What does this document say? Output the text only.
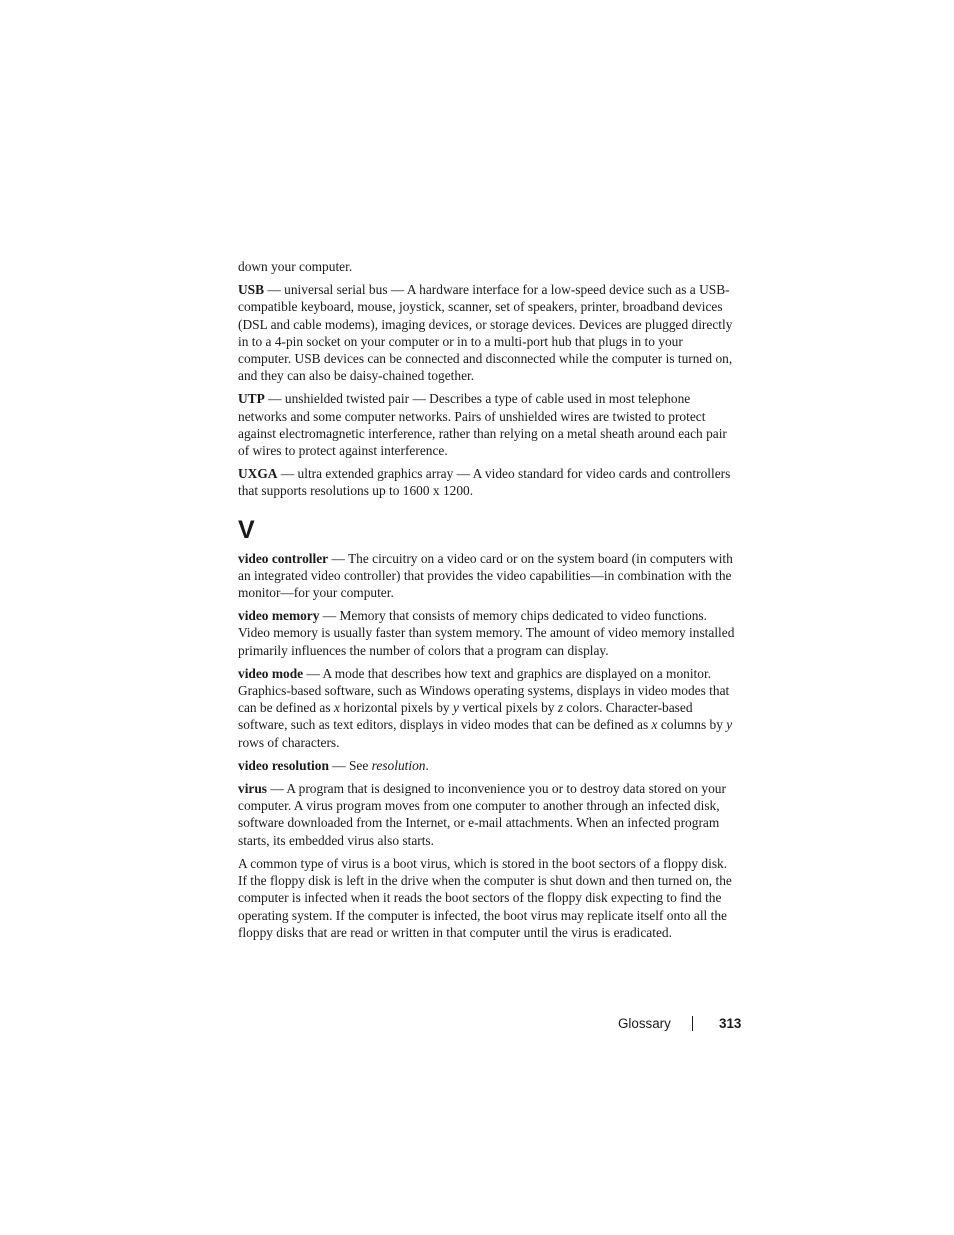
down your computer.

USB — universal serial bus — A hardware interface for a low-speed device such as a USB-compatible keyboard, mouse, joystick, scanner, set of speakers, printer, broadband devices (DSL and cable modems), imaging devices, or storage devices. Devices are plugged directly in to a 4-pin socket on your computer or in to a multi-port hub that plugs in to your computer. USB devices can be connected and disconnected while the computer is turned on, and they can also be daisy-chained together.

UTP — unshielded twisted pair — Describes a type of cable used in most telephone networks and some computer networks. Pairs of unshielded wires are twisted to protect against electromagnetic interference, rather than relying on a metal sheath around each pair of wires to protect against interference.

UXGA — ultra extended graphics array — A video standard for video cards and controllers that supports resolutions up to 1600 x 1200.

V

video controller — The circuitry on a video card or on the system board (in computers with an integrated video controller) that provides the video capabilities—in combination with the monitor—for your computer.

video memory — Memory that consists of memory chips dedicated to video functions. Video memory is usually faster than system memory. The amount of video memory installed primarily influences the number of colors that a program can display.

video mode — A mode that describes how text and graphics are displayed on a monitor. Graphics-based software, such as Windows operating systems, displays in video modes that can be defined as x horizontal pixels by y vertical pixels by z colors. Character-based software, such as text editors, displays in video modes that can be defined as x columns by y rows of characters.

video resolution — See resolution.

virus — A program that is designed to inconvenience you or to destroy data stored on your computer. A virus program moves from one computer to another through an infected disk, software downloaded from the Internet, or e-mail attachments. When an infected program starts, its embedded virus also starts.

A common type of virus is a boot virus, which is stored in the boot sectors of a floppy disk. If the floppy disk is left in the drive when the computer is shut down and then turned on, the computer is infected when it reads the boot sectors of the floppy disk expecting to find the operating system. If the computer is infected, the boot virus may replicate itself onto all the floppy disks that are read or written in that computer until the virus is eradicated.

Glossary	313
